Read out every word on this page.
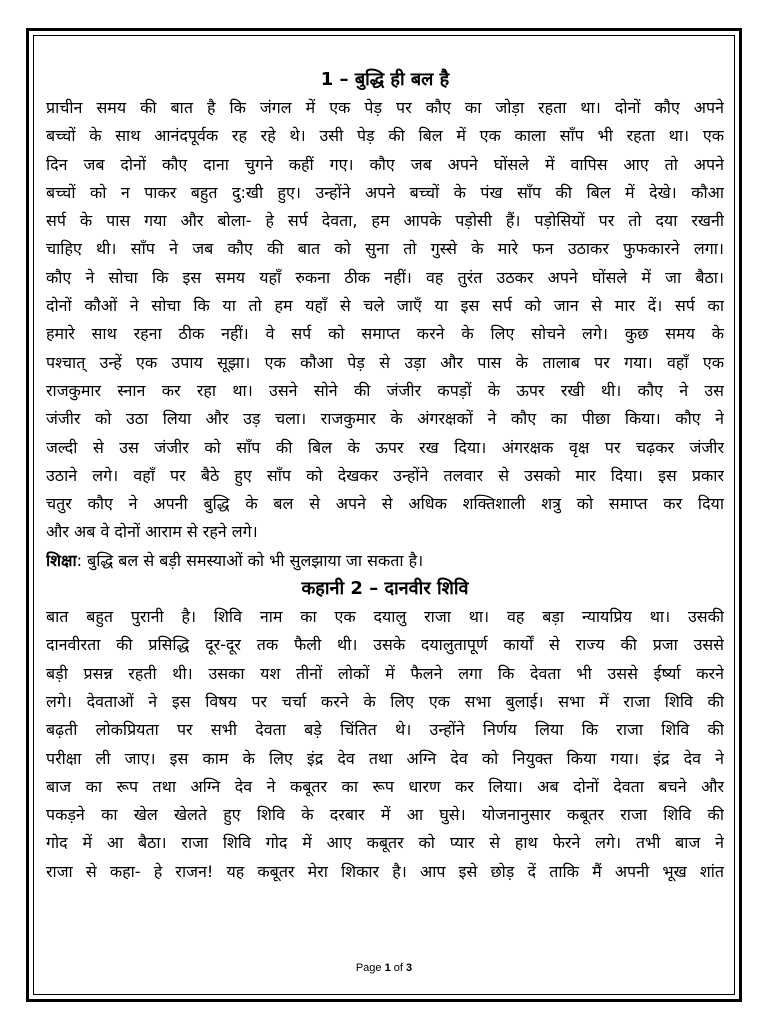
1 – बुद्धि ही बल है

प्राचीन समय की बात है कि जंगल में एक पेड़ पर कौए का जोड़ा रहता था। दोनों कौए अपने

बच्चों के साथ आनंदपूर्वक रह रहे थे। उसी पेड़ की बिल में एक काला साँप भी रहता था। एक

दिन जब दोनों कौए दाना चुगने कहीं गए। कौए जब अपने घोंसले में वापिस आए तो अपने

बच्चों को न पाकर बहुत दु:खी हुए। उन्होंने अपने बच्चों के पंख साँप की बिल में देखे। कौआ

सर्प के पास गया और बोला- हे सर्प देवता, हम आपके पड़ोसी हैं। पड़ोसियों पर तो दया रखनी

चाहिए थी। साँप ने जब कौए की बात को सुना तो गुस्से के मारे फन उठाकर फुफकारने लगा।

कौए ने सोचा कि इस समय यहाँ रुकना ठीक नहीं। वह तुरंत उठकर अपने घोंसले में जा बैठा।

दोनों कौओं ने सोचा कि या तो हम यहाँ से चले जाएँ या इस सर्प को जान से मार दें। सर्प का

हमारे साथ रहना ठीक नहीं। वे सर्प को समाप्त करने के लिए सोचने लगे। कुछ समय के

पश्चात् उन्हें एक उपाय सूझा। एक कौआ पेड़ से उड़ा और पास के तालाब पर गया। वहाँ एक

राजकुमार स्नान कर रहा था। उसने सोने की जंजीर कपड़ों के ऊपर रखी थी। कौए ने उस

जंजीर को उठा लिया और उड़ चला। राजकुमार के अंगरक्षकों ने कौए का पीछा किया। कौए ने

जल्दी से उस जंजीर को साँप की बिल के ऊपर रख दिया। अंगरक्षक वृक्ष पर चढ़कर जंजीर

उठाने लगे। वहाँ पर बैठे हुए साँप को देखकर उन्होंने तलवार से उसको मार दिया। इस प्रकार

चतुर कौए ने अपनी बुद्धि के बल से अपने से अधिक शक्तिशाली शत्रु को समाप्त कर दिया

और अब वे दोनों आराम से रहने लगे।

शिक्षा: बुद्धि बल से बड़ी समस्याओं को भी सुलझाया जा सकता है।

कहानी 2 – दानवीर शिवि

बात बहुत पुरानी है। शिवि नाम का एक दयालु राजा था। वह बड़ा न्यायप्रिय था। उसकी

दानवीरता की प्रसिद्धि दूर-दूर तक फैली थी। उसके दयालुतापूर्ण कार्यों से राज्य की प्रजा उससे

बड़ी प्रसन्न रहती थी। उसका यश तीनों लोकों में फैलने लगा कि देवता भी उससे ईर्ष्या करने

लगे। देवताओं ने इस विषय पर चर्चा करने के लिए एक सभा बुलाई। सभा में राजा शिवि की

बढ़ती लोकप्रियता पर सभी देवता बड़े चिंतित थे। उन्होंने निर्णय लिया कि राजा शिवि की

परीक्षा ली जाए। इस काम के लिए इंद्र देव तथा अग्नि देव को नियुक्त किया गया। इंद्र देव ने

बाज का रूप तथा अग्नि देव ने कबूतर का रूप धारण कर लिया। अब दोनों देवता बचने और

पकड़ने का खेल खेलते हुए शिवि के दरबार में आ घुसे। योजनानुसार कबूतर राजा शिवि की

गोद में आ बैठा। राजा शिवि गोद में आए कबूतर को प्यार से हाथ फेरने लगे। तभी बाज ने

राजा से कहा- हे राजन! यह कबूतर मेरा शिकार है। आप इसे छोड़ दें ताकि मैं अपनी भूख शांत

Page 1 of 3
